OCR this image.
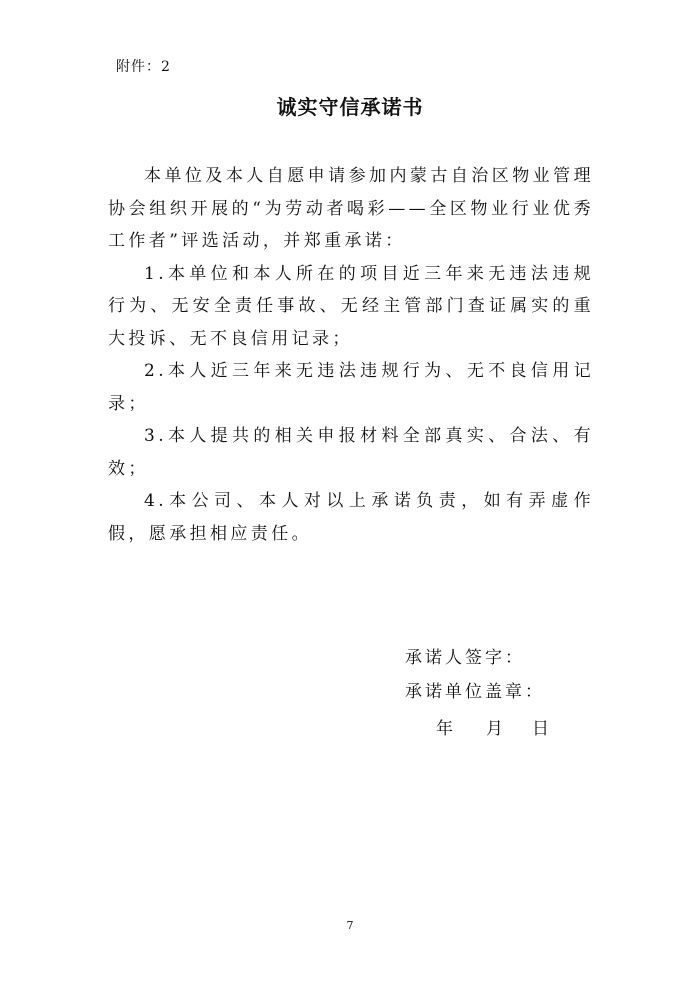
附件：2
诚实守信承诺书

本单位及本人自愿申请参加内蒙古自治区物业管理协会组织开展的“为劳动者喝彩——全区物业行业优秀工作者”评选活动，并郑重承诺：

1.本单位和本人所在的项目近三年来无违法违规行为、无安全责任事故、无经主管部门查证属实的重大投诉、无不良信用记录；

2.本人近三年来无违法违规行为、无不良信用记录；

3.本人提共的相关申报材料全部真实、合法、有效；

4.本公司、本人对以上承诺负责，如有弄虚作假，愿承担相应责任。

承诺人签字：
承诺单位盖章：
年 月 日
7
